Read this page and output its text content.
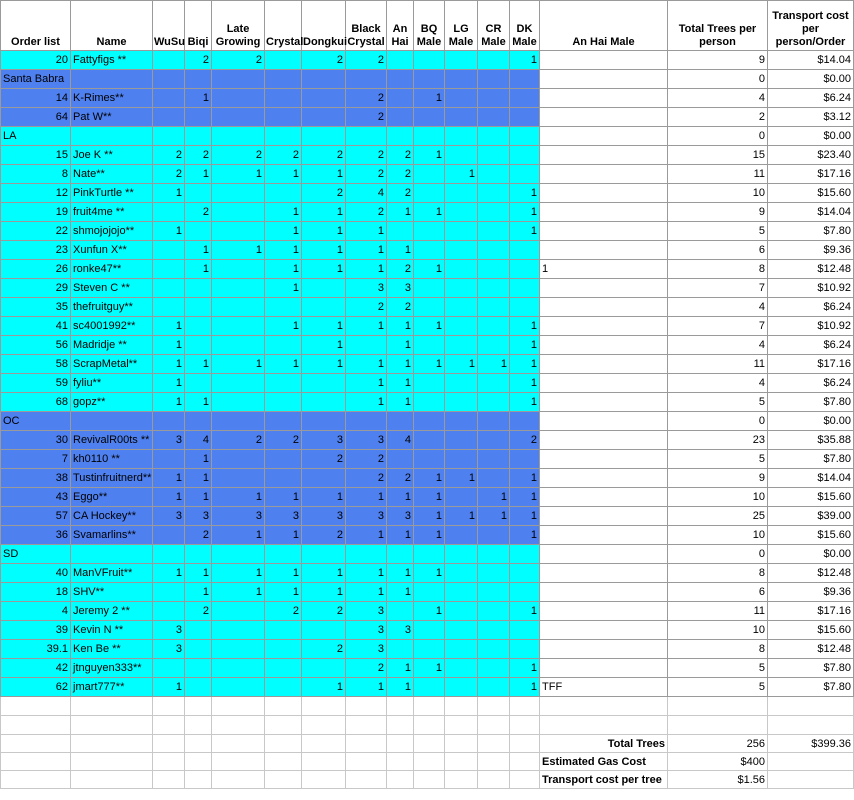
Order list	Name	WuSu	Biqi	Late Growing	Crystal	Dongkui	Black Crystal	An Hai	BQ Male	LG Male	CR Male	DK Male	An Hai Male	Total Trees per person	Transport cost per person/Order
20	Fattyfigs **		2	2		2	2					1		9	$14.04
Santa Babra														0	$0.00
14	K-Rimes**		1				2		1					4	$6.24
64	Pat W**						2							2	$3.12
LA														0	$0.00
15	Joe K **	2	2	2	2	2	2	2	1					15	$23.40
8	Nate**	2	1	1	1	1	2	2		1				11	$17.16
12	PinkTurtle **	1				2	4	2				1		10	$15.60
19	fruit4me **		2		1	1	2	1	1			1		9	$14.04
22	shmojojojo**	1			1	1	1					1		5	$7.80
23	Xunfun X**		1	1	1	1	1	1						6	$9.36
26	ronke47**		1		1	1	1	2	1				1	8	$12.48
29	Steven C **				1		3	3						7	$10.92
35	thefruitguy**						2	2						4	$6.24
41	sc4001992**	1			1	1	1	1	1			1		7	$10.92
56	Madridje **	1				1		1				1		4	$6.24
58	ScrapMetal**	1	1	1	1	1	1	1	1	1	1	1		11	$17.16
59	fyliu**	1					1	1				1		4	$6.24
68	gopz**	1	1				1	1				1		5	$7.80
OC														0	$0.00
30	RevivalR00ts **	3	4	2	2	3	3	4				2		23	$35.88
7	kh0110 **		1			2	2							5	$7.80
38	Tustinfruitnerd**	1	1				2	2	1	1		1		9	$14.04
43	Eggo**	1	1	1	1	1	1	1	1		1	1		10	$15.60
57	CA Hockey**	3	3	3	3	3	3	3	1	1	1	1		25	$39.00
36	Svamarlins**		2	1	1	2	1	1	1			1		10	$15.60
SD														0	$0.00
40	ManVFruit**	1	1	1	1	1	1	1	1					8	$12.48
18	SHV**		1	1	1	1	1	1						6	$9.36
4	Jeremy 2 **		2		2	2	3		1			1		11	$17.16
39	Kevin N **	3					3	3						10	$15.60
39.1	Ken Be **	3				2	3							8	$12.48
42	jtnguyen333**						2	1	1			1		5	$7.80
62	jmart777**	1				1	1	1				1	TFF	5	$7.80

													Total Trees	256	$399.36
													Estimated Gas Cost	$400	
													Transport cost per tree	$1.56	
